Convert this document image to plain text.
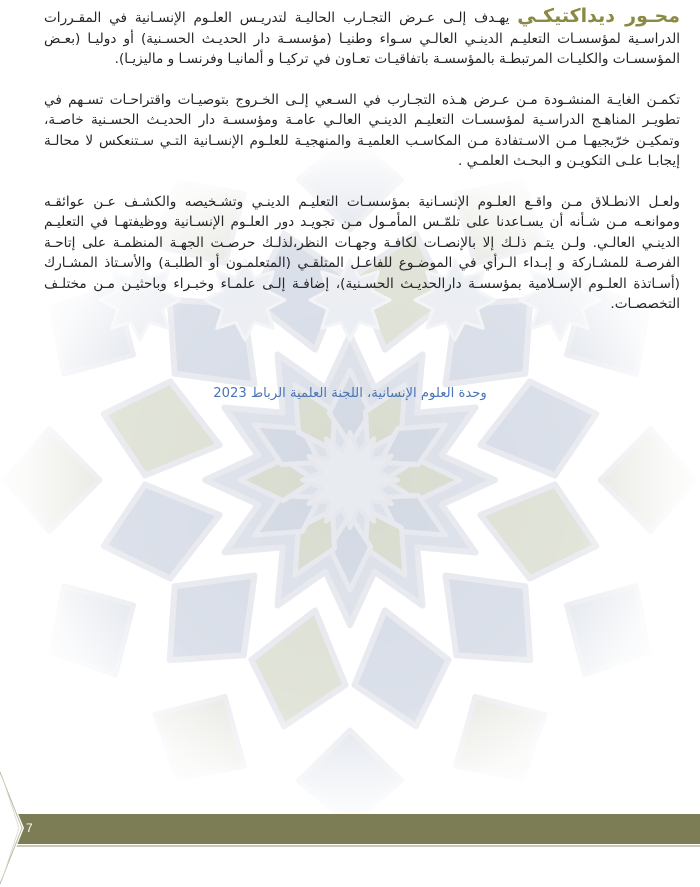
محـور ديداكتيكـي يهـدف إلـى عـرض التجـارب الحاليـة لتدريـس العلـوم الإنسـانية في المقـررات الدراسـية لمؤسسـات التعليـم الدينـي العالـي سـواء وطنيـا (مؤسسـة دار الحديـث الحسـنية) أو دوليـا (بعـض المؤسسـات والكليـات المرتبطـة بالمؤسسـة باتفاقيـات تعـاون في تركيـا و ألمانيـا وفرنسـا و ماليزيـا).

تكمـن الغايـة المنشـودة مـن عـرض هـذه التجـارب في السـعي إلـى الخـروج بتوصيـات واقتراحـات تسـهم في تطويـر المناهـج الدراسـية لمؤسسـات التعليـم الدينـي العالـي عامـة ومؤسسـة دار الحديـث الحسـنية خاصـة، وتمكيـن خرّيجيهـا مـن الاسـتفادة مـن المكاسـب العلميـة والمنهجيـة للعلـوم الإنسـانية التـي سـتنعكس لا محالـة إيجابـا علـى التكويـن و البحـث العلمـي .

ولعـل الانطـلاق مـن واقـع العلـوم الإنسـانية بمؤسسـات التعليـم الدينـي وتشـخيصه والكشـف عـن عوائقـه وموانعـه مـن شـأنه أن يسـاعدنا على تلمّـس المأمـول مـن تجويـد دور العلـوم الإنسـانية ووظيفتهـا في التعليـم الدينـي العالـي. ولـن يتـم ذلـك إلا بالإنصـات لكافـة وجهـات النظر،لذلـك حرصـت الجهـة المنظمـة على إتاحـة الفرصـة للمشـاركة و إبـداء الـرأي في الموضـوع للفاعـل المتلقـي (المتعلمـون أو الطلبـة) والأسـتاذ المشـارك (أسـاتذة العلـوم الإسـلامية بمؤسسـة دارالحديـث الحسـنية)، إضافـة إلـى علمـاء وخبـراء وباحثيـن مـن مختلـف التخصصـات.

وحدة العلوم الإنسانية، اللجنة العلمية الرباط 2023
7
